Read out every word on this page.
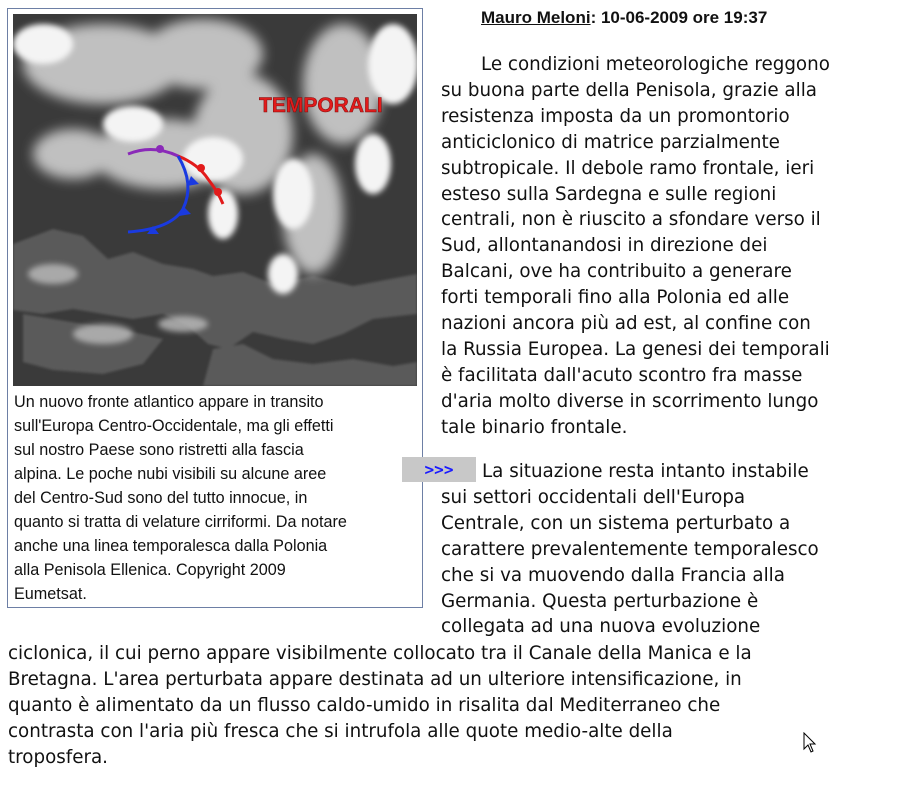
TEMPORALI
Un nuovo fronte atlantico appare in transito
sull'Europa Centro-Occidentale, ma gli effetti
sul nostro Paese sono ristretti alla fascia
alpina. Le poche nubi visibili su alcune aree
del Centro-Sud sono del tutto innocue, in
quanto si tratta di velature cirriformi. Da notare
anche una linea temporalesca dalla Polonia
alla Penisola Ellenica. Copyright 2009
Eumetsat.
Mauro Meloni: 10-06-2009 ore 19:37

Le condizioni meteorologiche reggono
su buona parte della Penisola, grazie alla
resistenza imposta da un promontorio
anticiclonico di matrice parzialmente
subtropicale. Il debole ramo frontale, ieri
esteso sulla Sardegna e sulle regioni
centrali, non è riuscito a sfondare verso il
Sud, allontanandosi in direzione dei
Balcani, ove ha contribuito a generare
forti temporali fino alla Polonia ed alle
nazioni ancora più ad est, al confine con
la Russia Europea. La genesi dei temporali
è facilitata dall'acuto scontro fra masse
d'aria molto diverse in scorrimento lungo
tale binario frontale.

La situazione resta intanto instabile
sui settori occidentali dell'Europa
Centrale, con un sistema perturbato a
carattere prevalentemente temporalesco
che si va muovendo dalla Francia alla
Germania. Questa perturbazione è
collegata ad una nuova evoluzione

>>>

ciclonica, il cui perno appare visibilmente collocato tra il Canale della Manica e la
Bretagna. L'area perturbata appare destinata ad un ulteriore intensificazione, in
quanto è alimentato da un flusso caldo-umido in risalita dal Mediterraneo che
contrasta con l'aria più fresca che si intrufola alle quote medio-alte della
troposfera.
